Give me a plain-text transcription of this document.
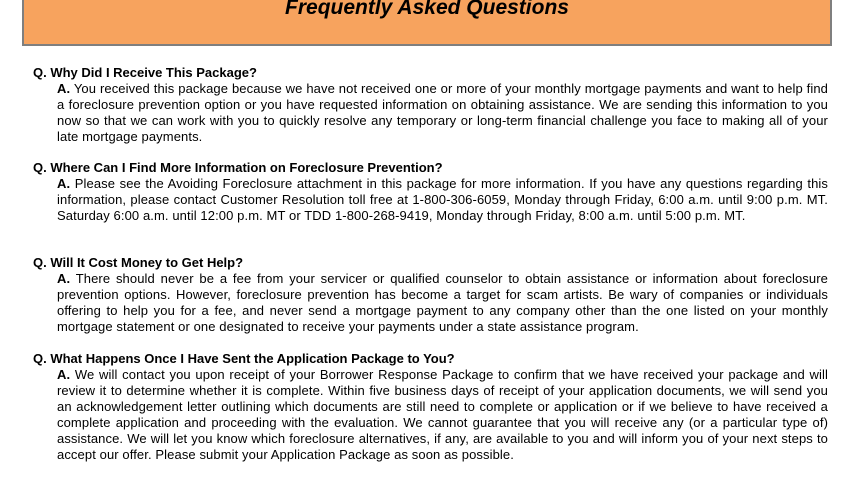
Frequently Asked Questions
Q. Why Did I Receive This Package?
A. You received this package because we have not received one or more of your monthly mortgage payments and want to help find a foreclosure prevention option or you have requested information on obtaining assistance. We are sending this information to you now so that we can work with you to quickly resolve any temporary or long-term financial challenge you face to making all of your late mortgage payments.
Q. Where Can I Find More Information on Foreclosure Prevention?
A. Please see the Avoiding Foreclosure attachment in this package for more information. If you have any questions regarding this information, please contact Customer Resolution toll free at 1-800-306-6059, Monday through Friday, 6:00 a.m. until 9:00 p.m. MT. Saturday 6:00 a.m. until 12:00 p.m. MT or TDD 1-800-268-9419, Monday through Friday, 8:00 a.m. until 5:00 p.m. MT.
Q. Will It Cost Money to Get Help?
A. There should never be a fee from your servicer or qualified counselor to obtain assistance or information about foreclosure prevention options. However, foreclosure prevention has become a target for scam artists. Be wary of companies or individuals offering to help you for a fee, and never send a mortgage payment to any company other than the one listed on your monthly mortgage statement or one designated to receive your payments under a state assistance program.
Q. What Happens Once I Have Sent the Application Package to You?
A. We will contact you upon receipt of your Borrower Response Package to confirm that we have received your package and will review it to determine whether it is complete. Within five business days of receipt of your application documents, we will send you an acknowledgement letter outlining which documents are still need to complete or application or if we believe to have received a complete application and proceeding with the evaluation. We cannot guarantee that you will receive any (or a particular type of) assistance. We will let you know which foreclosure alternatives, if any, are available to you and will inform you of your next steps to accept our offer. Please submit your Application Package as soon as possible.
